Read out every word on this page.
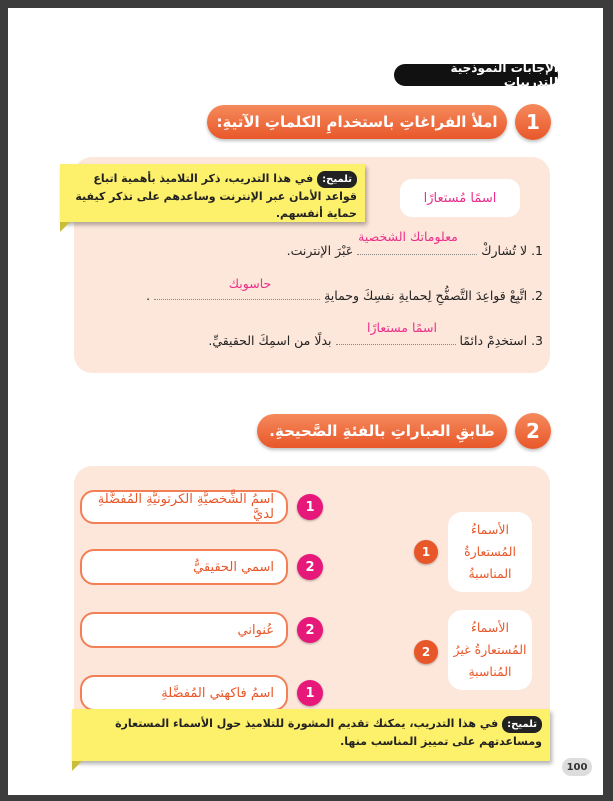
الإجابات النموذجية للتدريبات
املأ الفراغاتِ باستخدامِ الكلماتِ الآتيةِ:	1
تلميح:في هذا التدريب، ذكر التلاميذ بأهمية اتباع قواعد الأمان عبر الإنترنت وساعدهم على تذكر كيفية حماية أنفسهم.
اسمًا مُستعارًا
1. لا تُشاركْ  عَبْرَ الإنترنت.
معلوماتك الشخصية
2. اتَّبِعْ قواعِدَ التَّصفُّحِ لِحمايةِ نفسِكَ وحمايةِ  .
حاسوبك
3. استخدِمْ دائمًا  بدلًا من اسمِكَ الحقيقيِّ.
اسمًا مستعارًا
طابقِ العباراتِ بالفئةِ الصَّحيحةِ.	2
اسمُ الشَّخصيَّةِ الكرتونيَّةِ المُفضَّلةِ لديَّ	1
اسمي الحقيقيُّ	2
عُنواني	2
اسمُ فاكهتي المُفضَّلةِ	1
الأسماءُ المُستعارةُ المناسبةُ
1
الأسماءُ المُستعارةُ غيرُ المُناسبةِ
2
تلميح:في هذا التدريب، يمكنك تقديم المشورة للتلاميذ حول الأسماء المستعارة ومساعدتهم على تمييز المناسب منها.
100
